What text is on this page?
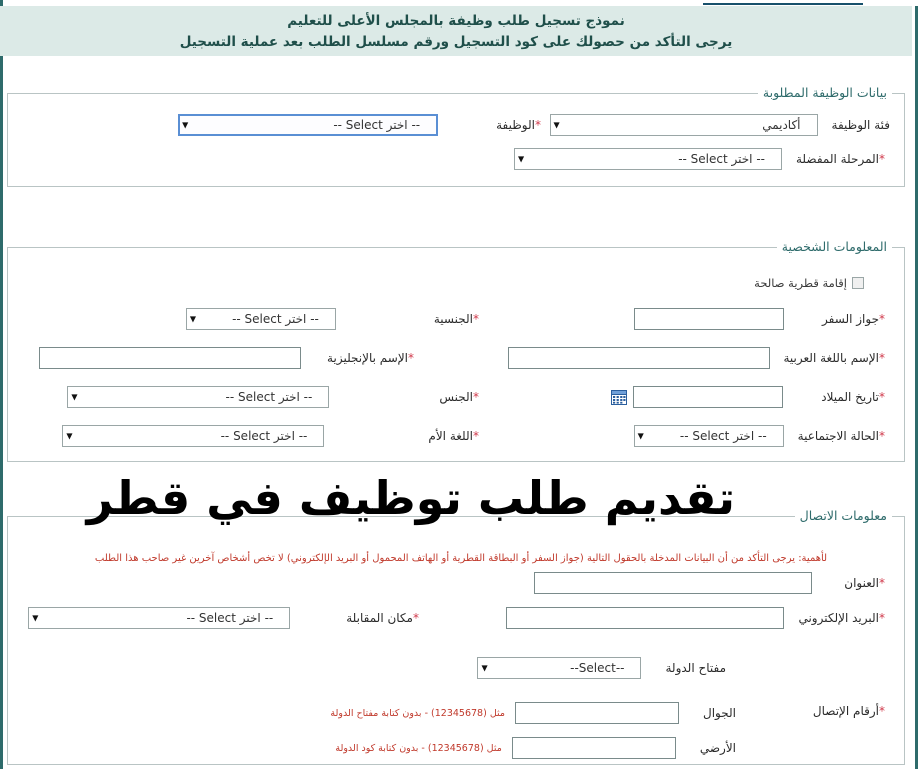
نموذج تسجيل طلب وظيفة بالمجلس الأعلى للتعليم
يرجى التأكد من حصولك على كود التسجيل ورقم مسلسل الطلب بعد عملية التسجيل
بيانات الوظيفة المطلوبة
فئة الوظيفة
أكاديمي
▼
*
الوظيفة
-- اختر Select --
▼
*
المرحلة المفضلة
-- اختر Select --
▼
المعلومات الشخصية
إقامة قطرية صالحة
*
جواز السفر
*
الجنسية
-- اختر Select --
▼
*
الإسم باللغة العربية
*
الإسم بالإنجليزية
*
تاريخ الميلاد
*
الجنس
-- اختر Select --
▼
*
الحالة الاجتماعية
-- اختر Select --
▼
*
اللغة الأم
-- اختر Select --
▼
معلومات الاتصال
*
العنوان
*
البريد الإلكتروني
*
مكان المقابلة
-- اختر Select --
▼
مفتاح الدولة
--Select--
▼
*
أرقام الإتصال
الجوال
مثل (12345678) - بدون كتابة مفتاح الدولة
الأرضي
مثل (12345678) - بدون كتابة كود الدولة
لأهمية: يرجى التأكد من أن البيانات المدخلة بالحقول التالية (جواز السفر أو البطاقة القطرية أو الهاتف المحمول أو البريد الإلكتروني) لا تخص أشخاص آخرين غير صاحب هذا الطلب
تقديم طلب توظيف في قطر
